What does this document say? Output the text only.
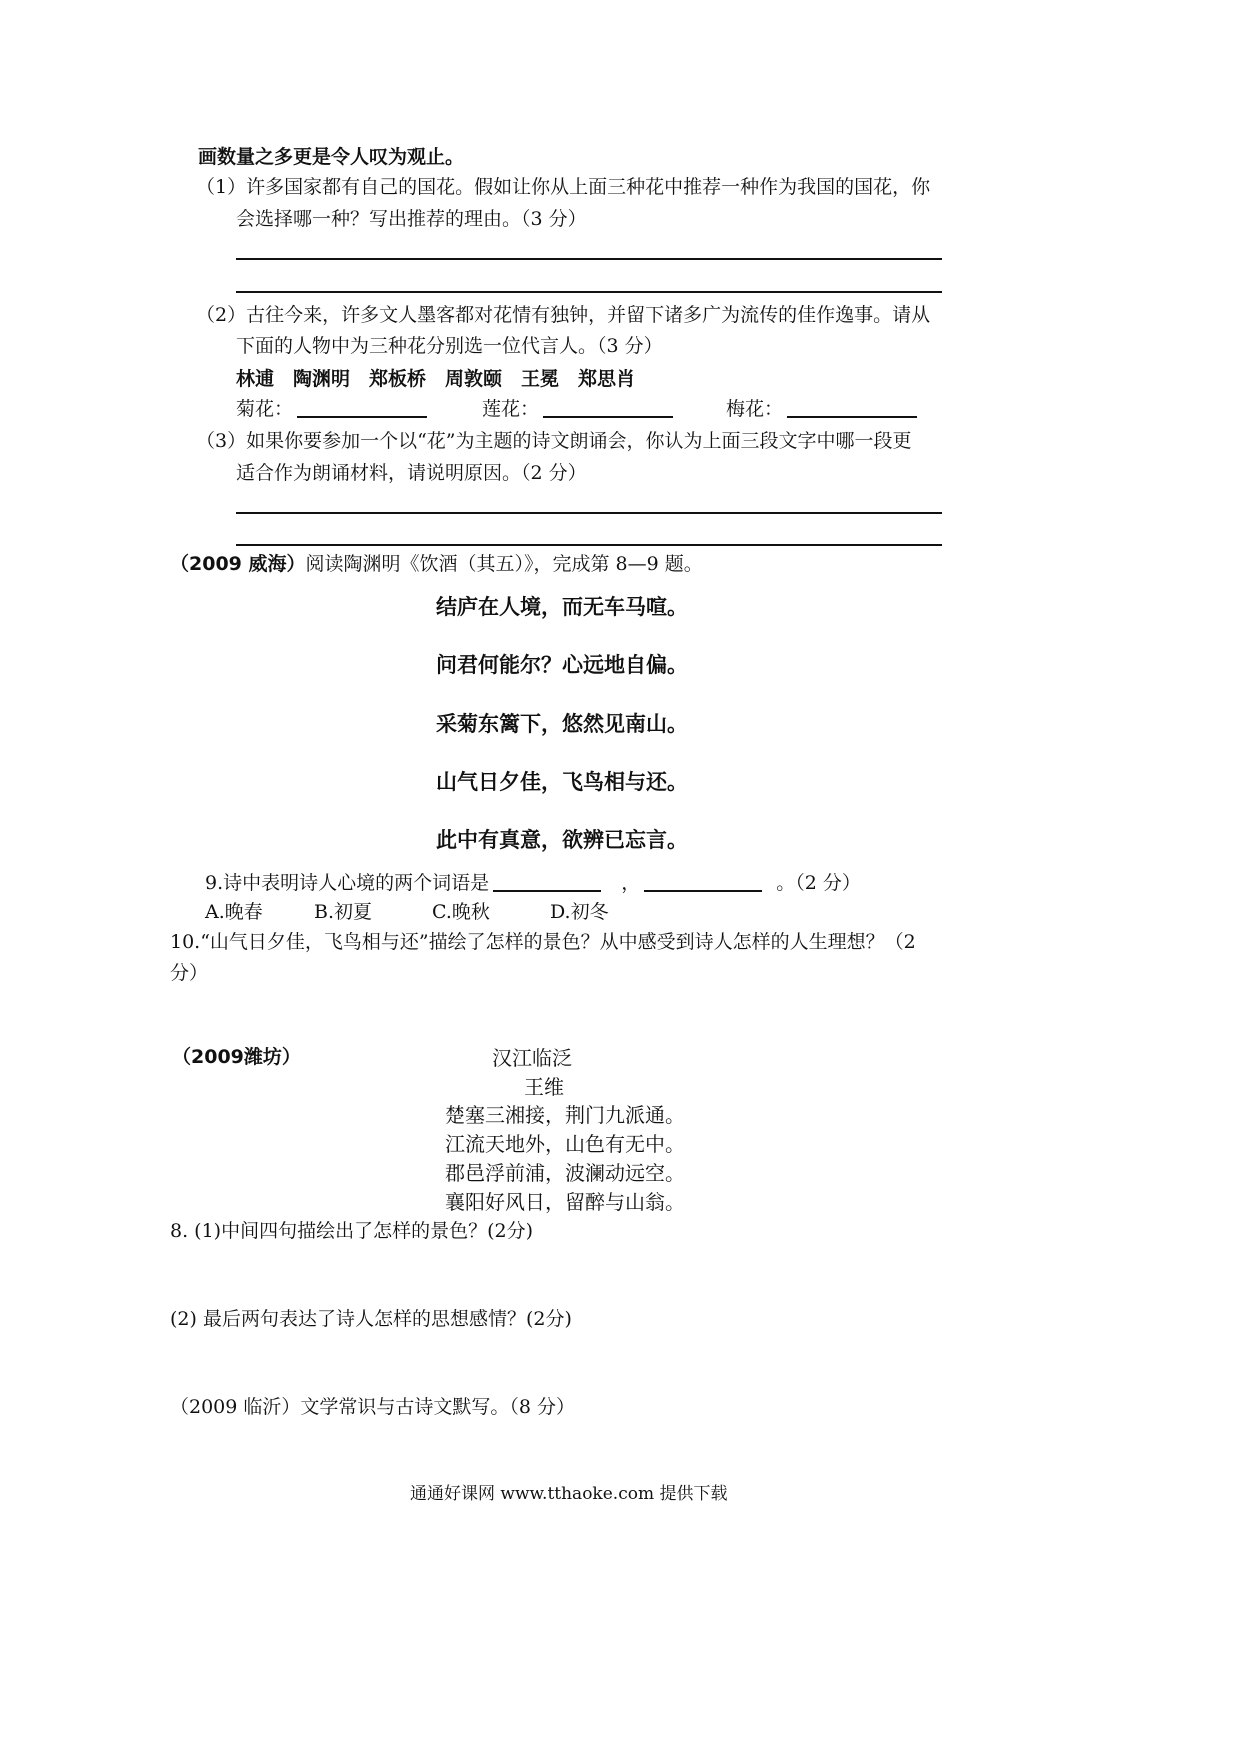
画数量之多更是令人叹为观止。
（1）许多国家都有自己的国花。假如让你从上面三种花中推荐一种作为我国的国花，你
会选择哪一种？写出推荐的理由。（3 分）
（2）古往今来，许多文人墨客都对花情有独钟，并留下诸多广为流传的佳作逸事。请从
下面的人物中为三种花分别选一位代言人。（3 分）
林逋　陶渊明　郑板桥　周敦颐　王冕　郑思肖
菊花：	莲花：	梅花：
（3）如果你要参加一个以“花”为主题的诗文朗诵会，你认为上面三段文字中哪一段更
适合作为朗诵材料，请说明原因。（2 分）
（2009 威海）阅读陶渊明《饮酒（其五）》，完成第 8—9 题。
结庐在人境，而无车马喧。
问君何能尔？心远地自偏。
采菊东篱下，悠然见南山。
山气日夕佳，飞鸟相与还。
此中有真意，欲辨已忘言。
9.诗中表明诗人心境的两个词语是	，	。（2 分）
A.晚春	B.初夏	C.晚秋	D.初冬
10.“山气日夕佳，飞鸟相与还”描绘了怎样的景色？从中感受到诗人怎样的人生理想？（2
分）
（2009潍坊）	汉江临泛
王维
楚塞三湘接，荆门九派通。
江流天地外，山色有无中。
郡邑浮前浦，波澜动远空。
襄阳好风日，留醉与山翁。
8. (1)中间四句描绘出了怎样的景色？(2分)
(2) 最后两句表达了诗人怎样的思想感情？(2分)
（2009 临沂）文学常识与古诗文默写。（8 分）
通通好课网 www.tthaoke.com 提供下载
